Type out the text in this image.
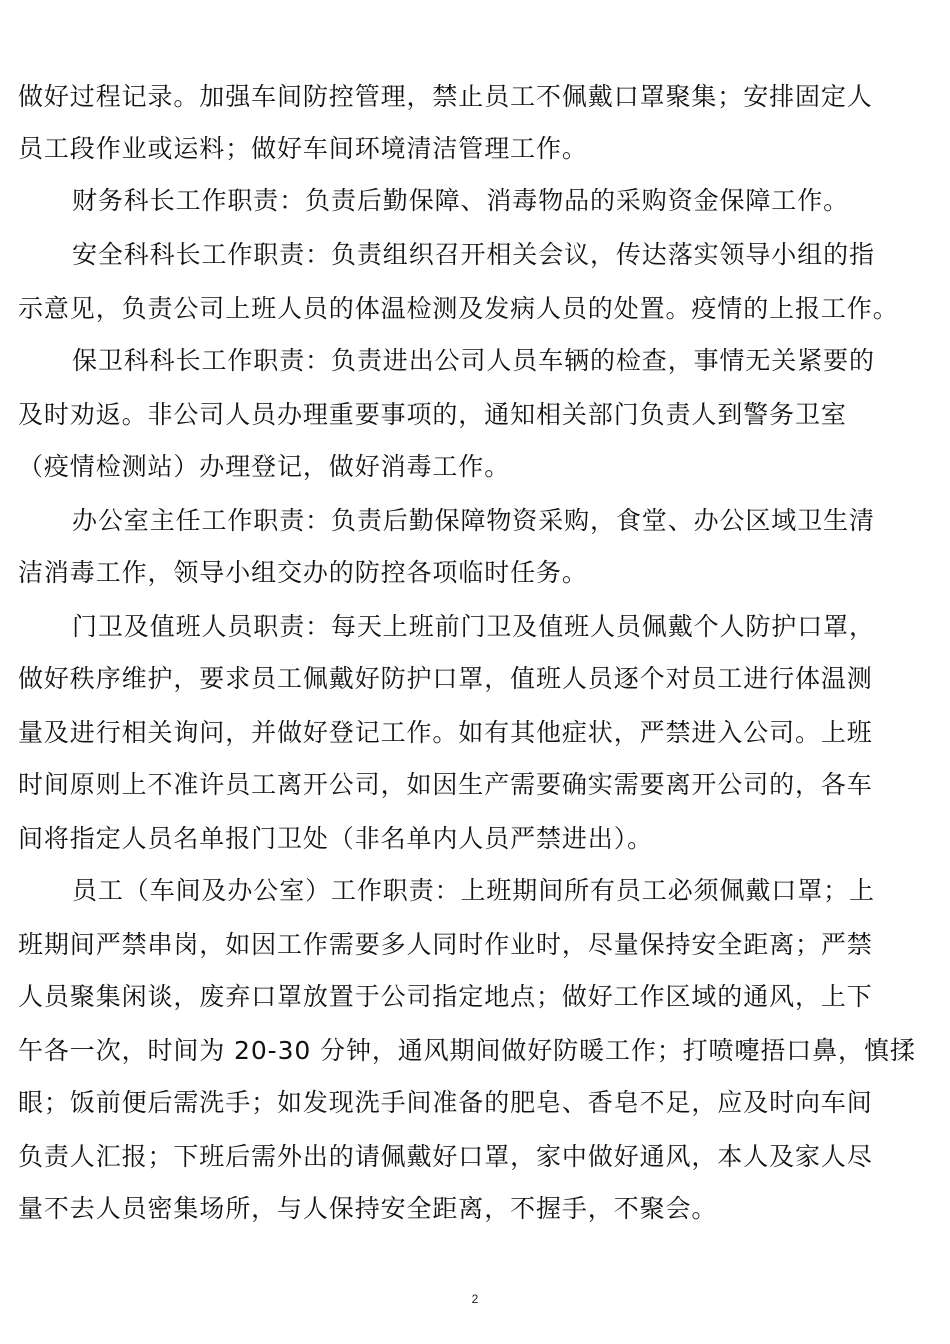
做好过程记录。加强车间防控管理，禁止员工不佩戴口罩聚集；安排固定人
员工段作业或运料；做好车间环境清洁管理工作。
财务科长工作职责：负责后勤保障、消毒物品的采购资金保障工作。
安全科科长工作职责：负责组织召开相关会议，传达落实领导小组的指
示意见，负责公司上班人员的体温检测及发病人员的处置。疫情的上报工作。
保卫科科长工作职责：负责进出公司人员车辆的检查，事情无关紧要的
及时劝返。非公司人员办理重要事项的，通知相关部门负责人到警务卫室
（疫情检测站）办理登记，做好消毒工作。
办公室主任工作职责：负责后勤保障物资采购，食堂、办公区域卫生清
洁消毒工作，领导小组交办的防控各项临时任务。
门卫及值班人员职责：每天上班前门卫及值班人员佩戴个人防护口罩，
做好秩序维护，要求员工佩戴好防护口罩，值班人员逐个对员工进行体温测
量及进行相关询问，并做好登记工作。如有其他症状，严禁进入公司。上班
时间原则上不准许员工离开公司，如因生产需要确实需要离开公司的，各车
间将指定人员名单报门卫处（非名单内人员严禁进出）。
员工（车间及办公室）工作职责：上班期间所有员工必须佩戴口罩；上
班期间严禁串岗，如因工作需要多人同时作业时，尽量保持安全距离；严禁
人员聚集闲谈，废弃口罩放置于公司指定地点；做好工作区域的通风，上下
午各一次，时间为 20-30 分钟，通风期间做好防暖工作；打喷嚏捂口鼻，慎揉
眼；饭前便后需洗手；如发现洗手间准备的肥皂、香皂不足，应及时向车间
负责人汇报；下班后需外出的请佩戴好口罩，家中做好通风，本人及家人尽
量不去人员密集场所，与人保持安全距离，不握手，不聚会。
2
